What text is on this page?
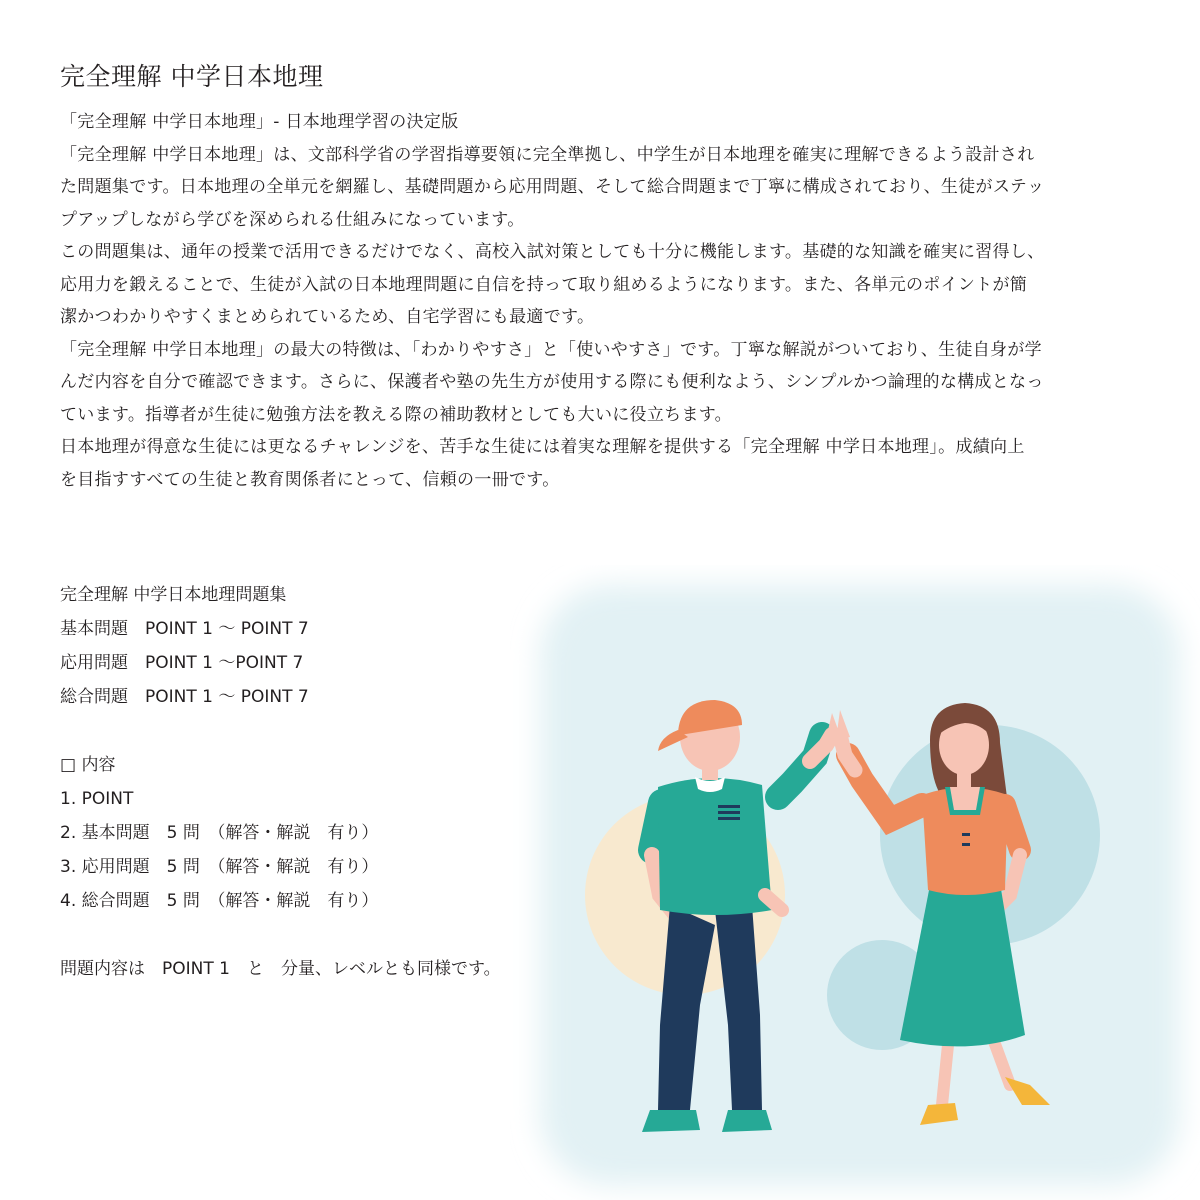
完全理解 中学日本地理

「完全理解 中学日本地理」- 日本地理学習の決定版

「完全理解 中学日本地理」は、文部科学省の学習指導要領に完全準拠し、中学生が日本地理を確実に理解できるよう設計され

た問題集です。日本地理の全単元を網羅し、基礎問題から応用問題、そして総合問題まで丁寧に構成されており、生徒がステッ

プアップしながら学びを深められる仕組みになっています。

この問題集は、通年の授業で活用できるだけでなく、高校入試対策としても十分に機能します。基礎的な知識を確実に習得し、

応用力を鍛えることで、生徒が入試の日本地理問題に自信を持って取り組めるようになります。また、各単元のポイントが簡

潔かつわかりやすくまとめられているため、自宅学習にも最適です。

「完全理解 中学日本地理」の最大の特徴は、「わかりやすさ」と「使いやすさ」です。丁寧な解説がついており、生徒自身が学

んだ内容を自分で確認できます。さらに、保護者や塾の先生方が使用する際にも便利なよう、シンプルかつ論理的な構成となっ

ています。指導者が生徒に勉強方法を教える際の補助教材としても大いに役立ちます。

日本地理が得意な生徒には更なるチャレンジを、苦手な生徒には着実な理解を提供する「完全理解 中学日本地理」。成績向上

を目指すすべての生徒と教育関係者にとって、信頼の一冊です。

完全理解 中学日本地理問題集
基本問題　POINT 1 〜 POINT 7
応用問題　POINT 1 〜POINT 7
総合問題　POINT 1 〜 POINT 7
□ 内容
1. POINT
2. 基本問題　5 問　（解答・解説　有り）
3. 応用問題　5 問　（解答・解説　有り）
4. 総合問題　5 問　（解答・解説　有り）
問題内容は　POINT 1　と　分量、レベルとも同様です。
